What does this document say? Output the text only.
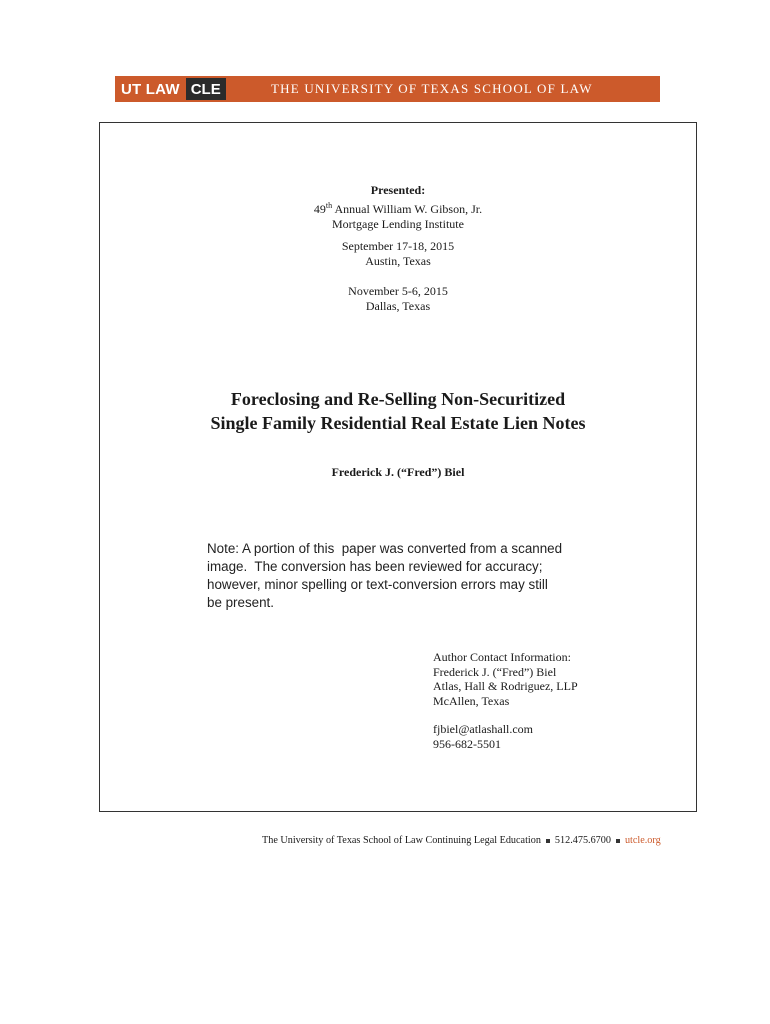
UT LAW CLE	THE UNIVERSITY OF TEXAS SCHOOL OF LAW
Presented:
49th Annual William W. Gibson, Jr.
Mortgage Lending Institute
September 17-18, 2015
Austin, Texas
November 5-6, 2015
Dallas, Texas
Foreclosing and Re-Selling Non-Securitized
Single Family Residential Real Estate Lien Notes
Frederick J. (“Fred”) Biel
Note: A portion of this  paper was converted from a scanned
image.  The conversion has been reviewed for accuracy;
however, minor spelling or text-conversion errors may still
be present.
Author Contact Information:
Frederick J. (“Fred”) Biel
Atlas, Hall & Rodriguez, LLP
McAllen, Texas
fjbiel@atlashall.com
956-682-5501
The University of Texas School of Law Continuing Legal Education 512.475.6700 utcle.org
